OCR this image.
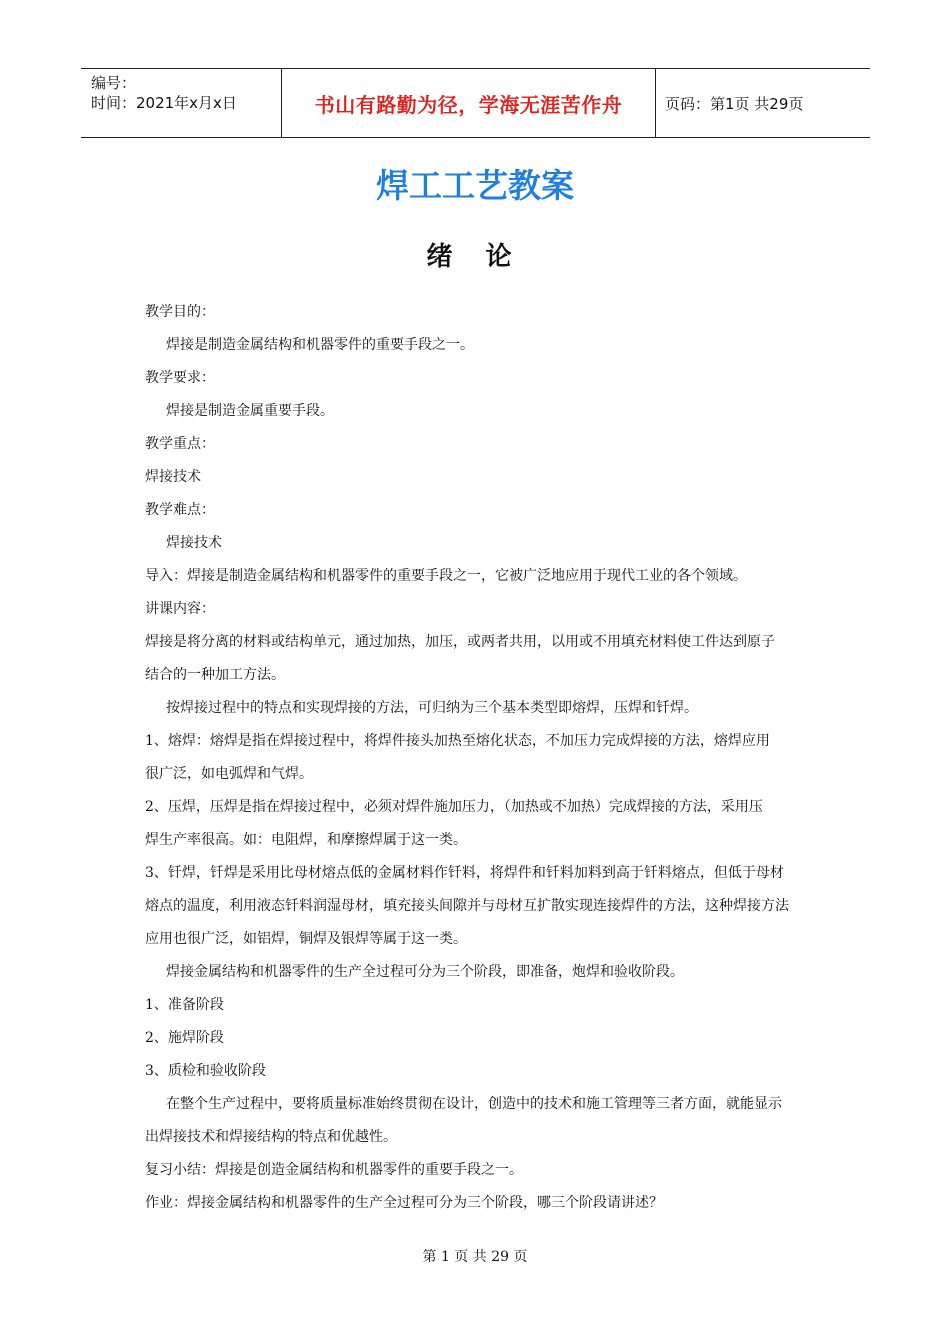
编号：
时间：2021年x月x日	书山有路勤为径，学海无涯苦作舟	页码：第1页 共29页
焊工工艺教案
绪 论

教学目的：

焊接是制造金属结构和机器零件的重要手段之一。

教学要求：

焊接是制造金属重要手段。

教学重点：

焊接技术

教学难点：

焊接技术

导入：焊接是制造金属结构和机器零件的重要手段之一，它被广泛地应用于现代工业的各个领域。

讲课内容：

焊接是将分离的材料或结构单元，通过加热，加压，或两者共用，以用或不用填充材料使工件达到原子

结合的一种加工方法。

按焊接过程中的特点和实现焊接的方法，可归纳为三个基本类型即熔焊，压焊和钎焊。

1、熔焊：熔焊是指在焊接过程中，将焊件接头加热至熔化状态，不加压力完成焊接的方法，熔焊应用

很广泛，如电弧焊和气焊。

2、压焊，压焊是指在焊接过程中，必须对焊件施加压力，（加热或不加热）完成焊接的方法，采用压

焊生产率很高。如：电阻焊，和摩擦焊属于这一类。

3、钎焊，钎焊是采用比母材熔点低的金属材料作钎料，将焊件和钎料加料到高于钎料熔点，但低于母材

熔点的温度，利用液态钎料润湿母材，填充接头间隙并与母材互扩散实现连接焊件的方法，这种焊接方法

应用也很广泛，如铝焊，铜焊及银焊等属于这一类。

焊接金属结构和机器零件的生产全过程可分为三个阶段，即准备，炮焊和验收阶段。

1、准备阶段

2、施焊阶段

3、质检和验收阶段

在整个生产过程中，要将质量标准始终贯彻在设计，创造中的技术和施工管理等三者方面，就能显示

出焊接技术和焊接结构的特点和优越性。

复习小结：焊接是创造金属结构和机器零件的重要手段之一。

作业：焊接金属结构和机器零件的生产全过程可分为三个阶段，哪三个阶段请讲述？

第 1 页 共 29 页
